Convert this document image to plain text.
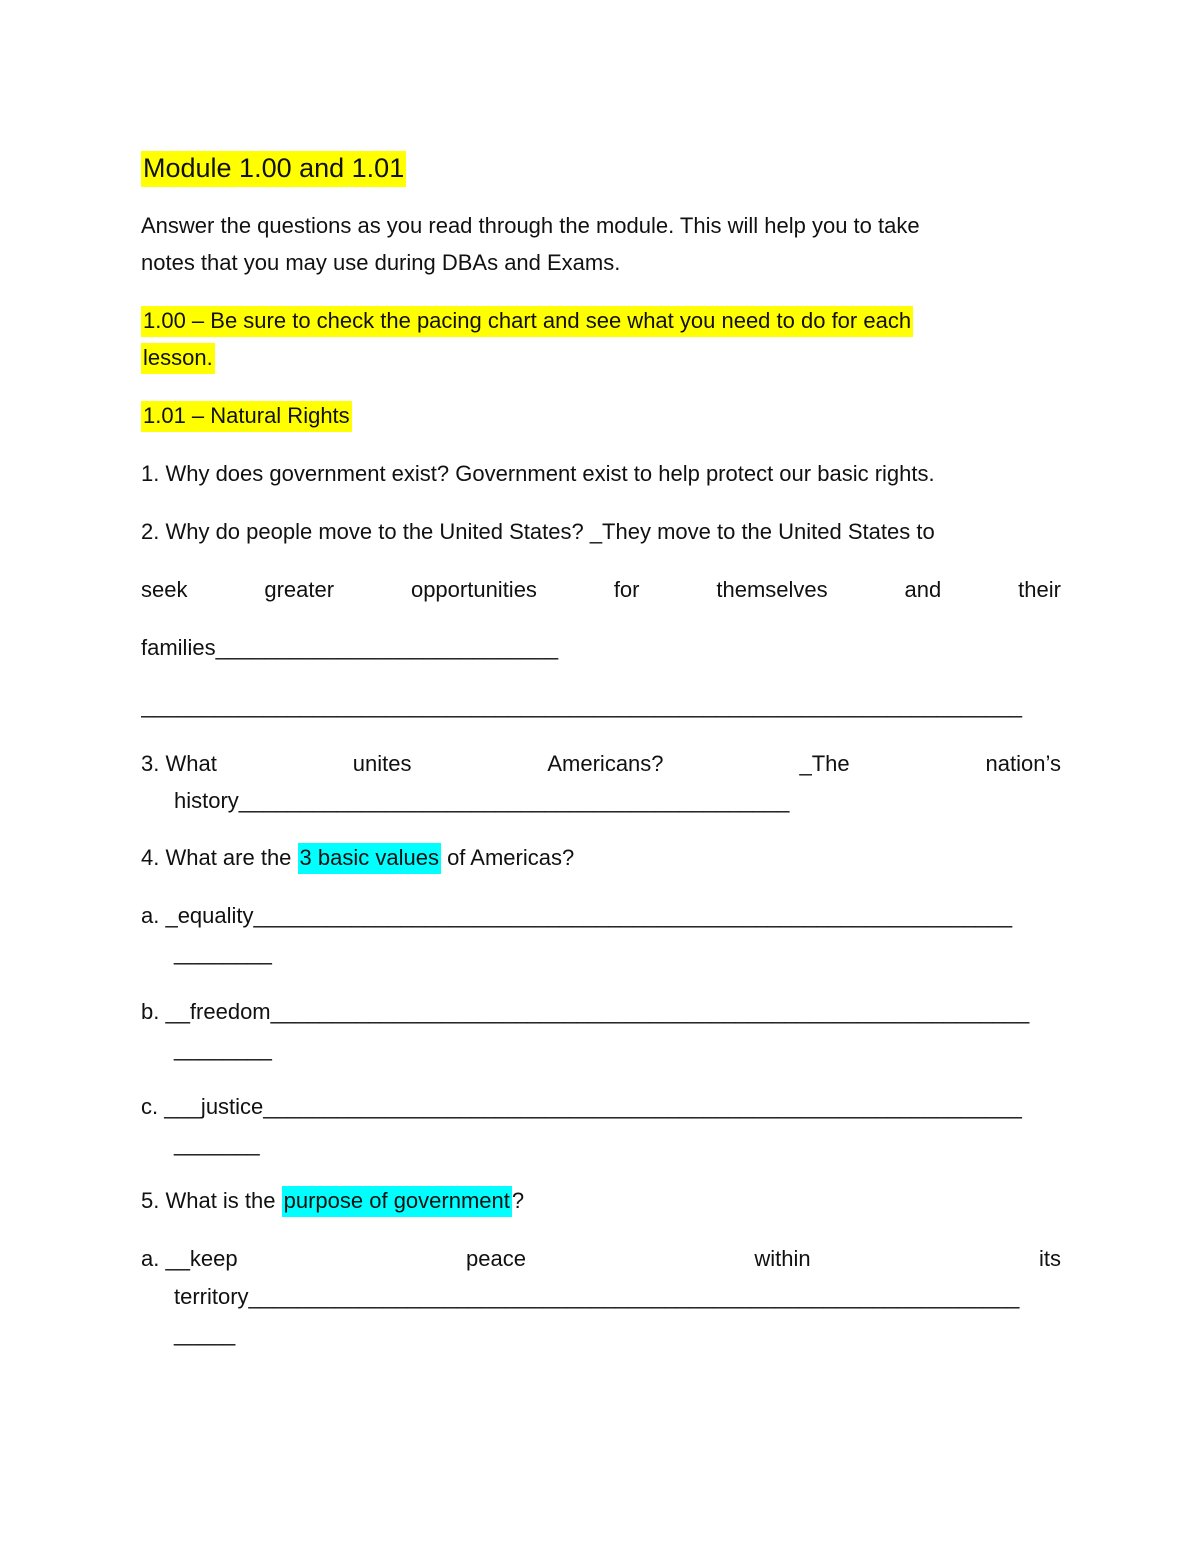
Module 1.00 and 1.01
Answer the questions as you read through the module. This will help you to take
notes that you may use during DBAs and Exams.
1.00 – Be sure to check the pacing chart and see what you need to do for each
lesson.
1.01 – Natural Rights
1. Why does government exist? Government exist to help protect our basic rights.
2. Why do people move to the United States? _They move to the United States to
seek	greater	opportunities	for	themselves	and	their
families____________________________
________________________________________________________________________
3. What	unites	Americans?	_The	nation’s
history_____________________________________________
4. What are the 3 basic values of Americas?
a. _equality______________________________________________________________
________
b. __freedom______________________________________________________________
________
c. ___justice______________________________________________________________
_______
5. What is the purpose of government?
a. __keep	peace	within	its
territory_______________________________________________________________
_____
